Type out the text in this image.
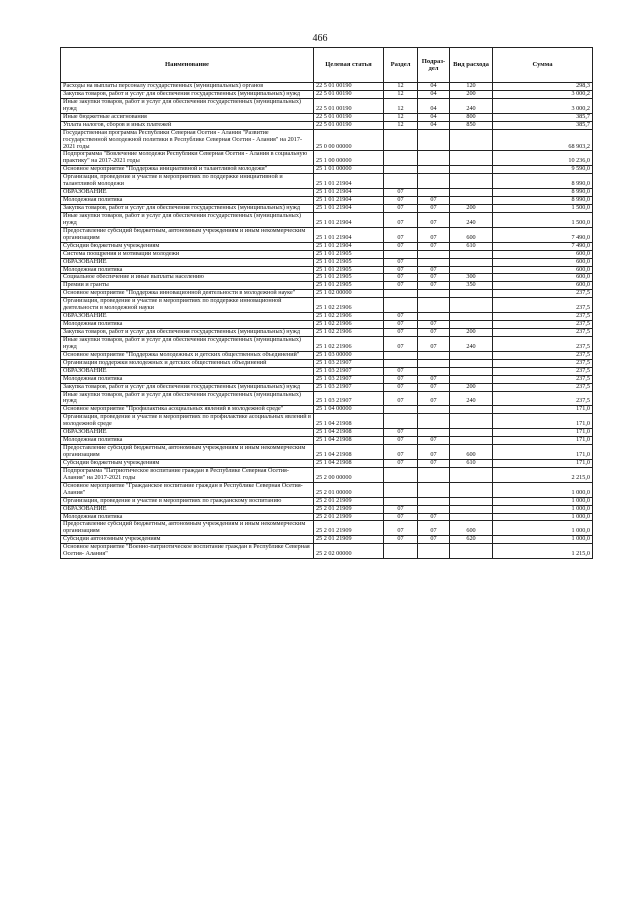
466
Наименование	Целевая статья	Раздел	Подраз-дел	Вид расхода	Сумма
Расходы на выплаты персоналу государственных (муниципальных) органов	22 5 01 00190	12	04	120	298,3
Закупка товаров, работ и услуг для обеспечения государственных (муниципальных) нужд	22 5 01 00190	12	04	200	3 000,2
Иные закупки товаров, работ и услуг для обеспечения государственных (муниципальных) нужд	22 5 01 00190	12	04	240	3 000,2
Иные бюджетные ассигнования	22 5 01 00190	12	04	800	385,7
Уплата налогов, сборов и иных платежей	22 5 01 00190	12	04	850	385,7
Государственная программа Республики Северная Осетия - Алания "Развитие государственной молодежной политики в Республике Северная Осетия - Алания" на 2017-2021 годы	25 0 00 00000				68 903,2
Подпрограмма "Вовлечение молодежи Республики Северная Осетия - Алания в социальную практику" на 2017-2021 годы	25 1 00 00000				10 236,0
Основное мероприятие "Поддержка инициативной и талантливой молодежи"	25 1 01 00000				9 590,0
Организация, проведение и участие в мероприятиях по поддержке инициативной и талантливой молодежи	25 1 01 21904				8 990,0
ОБРАЗОВАНИЕ	25 1 01 21904	07			8 990,0
Молодежная политика	25 1 01 21904	07	07		8 990,0
Закупка товаров, работ и услуг для обеспечения государственных (муниципальных) нужд	25 1 01 21904	07	07	200	1 500,0
Иные закупки товаров, работ и услуг для обеспечения государственных (муниципальных) нужд	25 1 01 21904	07	07	240	1 500,0
Предоставление субсидий бюджетным, автономным учреждениям и иным некоммерческим организациям	25 1 01 21904	07	07	600	7 490,0
Субсидии бюджетным учреждениям	25 1 01 21904	07	07	610	7 490,0
Система поощрения и мотивации молодежи	25 1 01 21905				600,0
ОБРАЗОВАНИЕ	25 1 01 21905	07			600,0
Молодежная политика	25 1 01 21905	07	07		600,0
Социальное обеспечение и иные выплаты населению	25 1 01 21905	07	07	300	600,0
Премии и гранты	25 1 01 21905	07	07	350	600,0
Основное мероприятие "Поддержка инновационной деятельности в молодежной науке"	25 1 02 00000				237,5
Организация, проведение и участие в мероприятиях по поддержке инновационной деятельности в молодежной науки	25 1 02 21906				237,5
ОБРАЗОВАНИЕ	25 1 02 21906	07			237,5
Молодежная политика	25 1 02 21906	07	07		237,5
Закупка товаров, работ и услуг для обеспечения государственных (муниципальных) нужд	25 1 02 21906	07	07	200	237,5
Иные закупки товаров, работ и услуг для обеспечения государственных (муниципальных) нужд	25 1 02 21906	07	07	240	237,5
Основное мероприятие "Поддержка молодежных и детских общественных объединений"	25 1 03 00000				237,5
Организация поддержки молодежных и детских общественных объединений	25 1 03 21907				237,5
ОБРАЗОВАНИЕ	25 1 03 21907	07			237,5
Молодежная политика	25 1 03 21907	07	07		237,5
Закупка товаров, работ и услуг для обеспечения государственных (муниципальных) нужд	25 1 03 21907	07	07	200	237,5
Иные закупки товаров, работ и услуг для обеспечения государственных (муниципальных) нужд	25 1 03 21907	07	07	240	237,5
Основное мероприятие "Профилактика асоциальных явлений в молодежной среде"	25 1 04 00000				171,0
Организация, проведение и участие в мероприятиях по профилактике асоциальных явлений в молодежной среде	25 1 04 21908				171,0
ОБРАЗОВАНИЕ	25 1 04 21908	07			171,0
Молодежная политика	25 1 04 21908	07	07		171,0
Предоставление субсидий бюджетным, автономным учреждениям и иным некоммерческим организациям	25 1 04 21908	07	07	600	171,0
Субсидии бюджетным учреждениям	25 1 04 21908	07	07	610	171,0
Подпрограмма "Патриотическое воспитание граждан в Республике Северная Осетия- Алания" на 2017-2021 годы	25 2 00 00000				2 215,0
Основное мероприятие "Гражданское воспитание граждан в Республике Северная Осетия- Алания"	25 2 01 00000				1 000,0
Организация, проведение и участие в мероприятиях по гражданскому воспитанию	25 2 01 21909				1 000,0
ОБРАЗОВАНИЕ	25 2 01 21909	07			1 000,0
Молодежная политика	25 2 01 21909	07	07		1 000,0
Предоставление субсидий бюджетным, автономным учреждениям и иным некоммерческим организациям	25 2 01 21909	07	07	600	1 000,0
Субсидии автономным учреждениям	25 2 01 21909	07	07	620	1 000,0
Основное мероприятие "Военно-патриотическое воспитание граждан в Республике Северная Осетия- Алания"	25 2 02 00000				1 215,0
